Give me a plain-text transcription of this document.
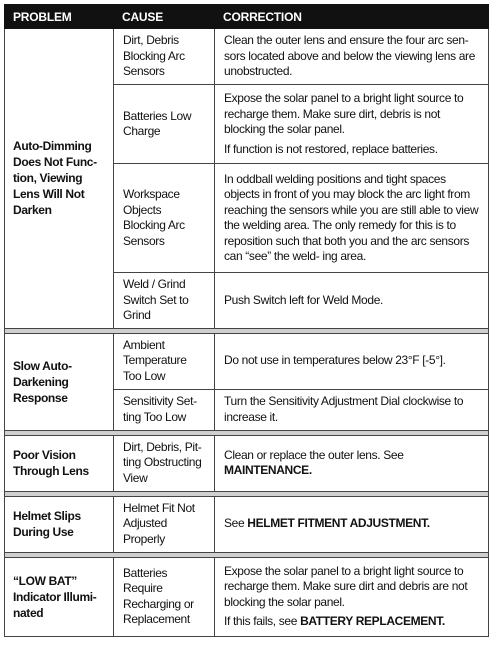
PROBLEM	CAUSE	CORRECTION
Auto-Dimming Does Not Func- tion, Viewing Lens Will Not Darken	Dirt, Debris Blocking Arc Sensors	Clean the outer lens and ensure the four arc sen- sors located above and below the viewing lens are unobstructed.

	Batteries Low Charge	Expose the solar panel to a bright light source to recharge them. Make sure dirt, debris is not blocking the solar panel.

If function is not restored, replace batteries.

	Workspace Objects Blocking Arc Sensors	In oddball welding positions and tight spaces objects in front of you may block the arc light from reaching the sensors while you are still able to view the welding area. The only remedy for this is to reposition such that both you and the arc sensors can “see” the weld- ing area.

	Weld / Grind Switch Set to Grind	Push Switch left for Weld Mode.

Slow Auto- Darkening Response	Ambient Temperature Too Low	Do not use in temperatures below 23°F [-5°].

	Sensitivity Set- ting Too Low	Turn the Sensitivity Adjustment Dial clockwise to increase it.

Poor Vision Through Lens	Dirt, Debris, Pit- ting Obstructing View	Clean or replace the outer lens. See MAINTENANCE.

Helmet Slips During Use	Helmet Fit Not Adjusted Properly	See HELMET FITMENT ADJUSTMENT.

“LOW BAT” Indicator Illumi- nated	Batteries Require Recharging or Replacement	Expose the solar panel to a bright light source to recharge them. Make sure dirt and debris are not blocking the solar panel.

If this fails, see BATTERY REPLACEMENT.
